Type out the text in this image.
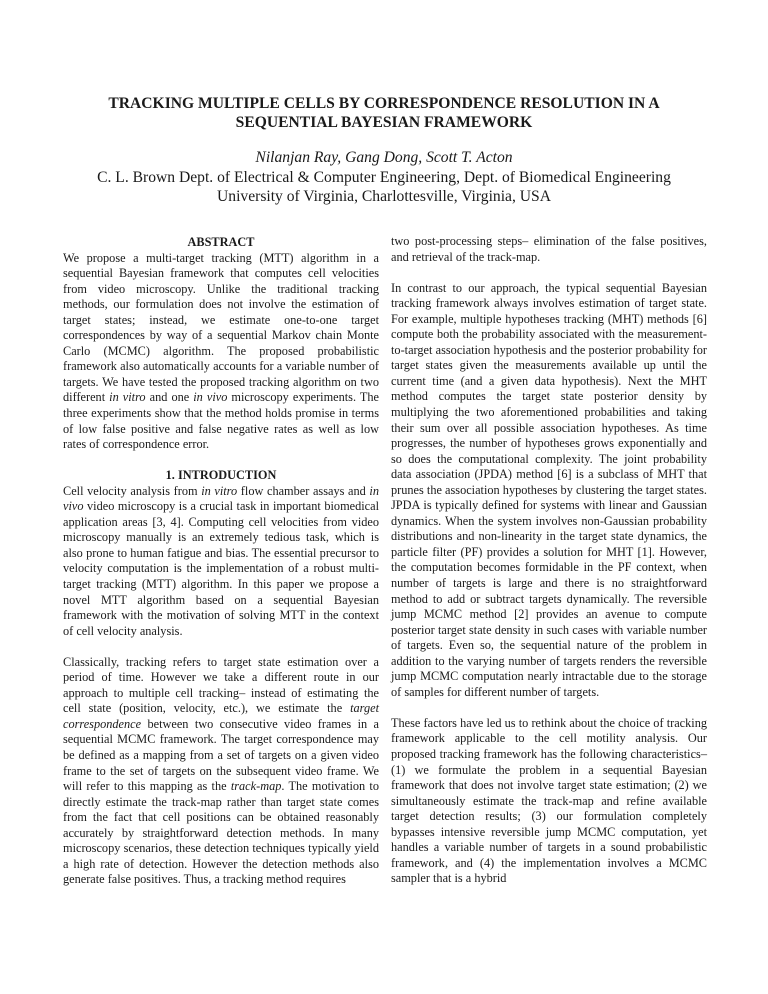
TRACKING MULTIPLE CELLS BY CORRESPONDENCE RESOLUTION IN A SEQUENTIAL BAYESIAN FRAMEWORK
Nilanjan Ray, Gang Dong, Scott T. Acton
C. L. Brown Dept. of Electrical & Computer Engineering, Dept. of Biomedical Engineering
University of Virginia, Charlottesville, Virginia, USA
ABSTRACT

We propose a multi-target tracking (MTT) algorithm in a sequential Bayesian framework that computes cell velocities from video microscopy. Unlike the traditional tracking methods, our formulation does not involve the estimation of target states; instead, we estimate one-to-one target correspondences by way of a sequential Markov chain Monte Carlo (MCMC) algorithm. The proposed probabilistic framework also automatically accounts for a variable number of targets. We have tested the proposed tracking algorithm on two different in vitro and one in vivo microscopy experiments. The three experiments show that the method holds promise in terms of low false positive and false negative rates as well as low rates of correspondence error.

1. INTRODUCTION

Cell velocity analysis from in vitro flow chamber assays and in vivo video microscopy is a crucial task in important biomedical application areas [3, 4]. Computing cell velocities from video microscopy manually is an extremely tedious task, which is also prone to human fatigue and bias. The essential precursor to velocity computation is the implementation of a robust multi-target tracking (MTT) algorithm. In this paper we propose a novel MTT algorithm based on a sequential Bayesian framework with the motivation of solving MTT in the context of cell velocity analysis.

Classically, tracking refers to target state estimation over a period of time. However we take a different route in our approach to multiple cell tracking– instead of estimating the cell state (position, velocity, etc.), we estimate the target correspondence between two consecutive video frames in a sequential MCMC framework. The target correspondence may be defined as a mapping from a set of targets on a given video frame to the set of targets on the subsequent video frame. We will refer to this mapping as the track-map. The motivation to directly estimate the track-map rather than target state comes from the fact that cell positions can be obtained reasonably accurately by straightforward detection methods. In many microscopy scenarios, these detection techniques typically yield a high rate of detection. However the detection methods also generate false positives. Thus, a tracking method requires

two post-processing steps– elimination of the false positives, and retrieval of the track-map.

In contrast to our approach, the typical sequential Bayesian tracking framework always involves estimation of target state. For example, multiple hypotheses tracking (MHT) methods [6] compute both the probability associated with the measurement-to-target association hypothesis and the posterior probability for target states given the measurements available up until the current time (and a given data hypothesis). Next the MHT method computes the target state posterior density by multiplying the two aforementioned probabilities and taking their sum over all possible association hypotheses. As time progresses, the number of hypotheses grows exponentially and so does the computational complexity. The joint probability data association (JPDA) method [6] is a subclass of MHT that prunes the association hypotheses by clustering the target states. JPDA is typically defined for systems with linear and Gaussian dynamics. When the system involves non-Gaussian probability distributions and non-linearity in the target state dynamics, the particle filter (PF) provides a solution for MHT [1]. However, the computation becomes formidable in the PF context, when number of targets is large and there is no straightforward method to add or subtract targets dynamically. The reversible jump MCMC method [2] provides an avenue to compute posterior target state density in such cases with variable number of targets. Even so, the sequential nature of the problem in addition to the varying number of targets renders the reversible jump MCMC computation nearly intractable due to the storage of samples for different number of targets.

These factors have led us to rethink about the choice of tracking framework applicable to the cell motility analysis. Our proposed tracking framework has the following characteristics– (1) we formulate the problem in a sequential Bayesian framework that does not involve target state estimation; (2) we simultaneously estimate the track-map and refine available target detection results; (3) our formulation completely bypasses intensive reversible jump MCMC computation, yet handles a variable number of targets in a sound probabilistic framework, and (4) the implementation involves a MCMC sampler that is a hybrid
